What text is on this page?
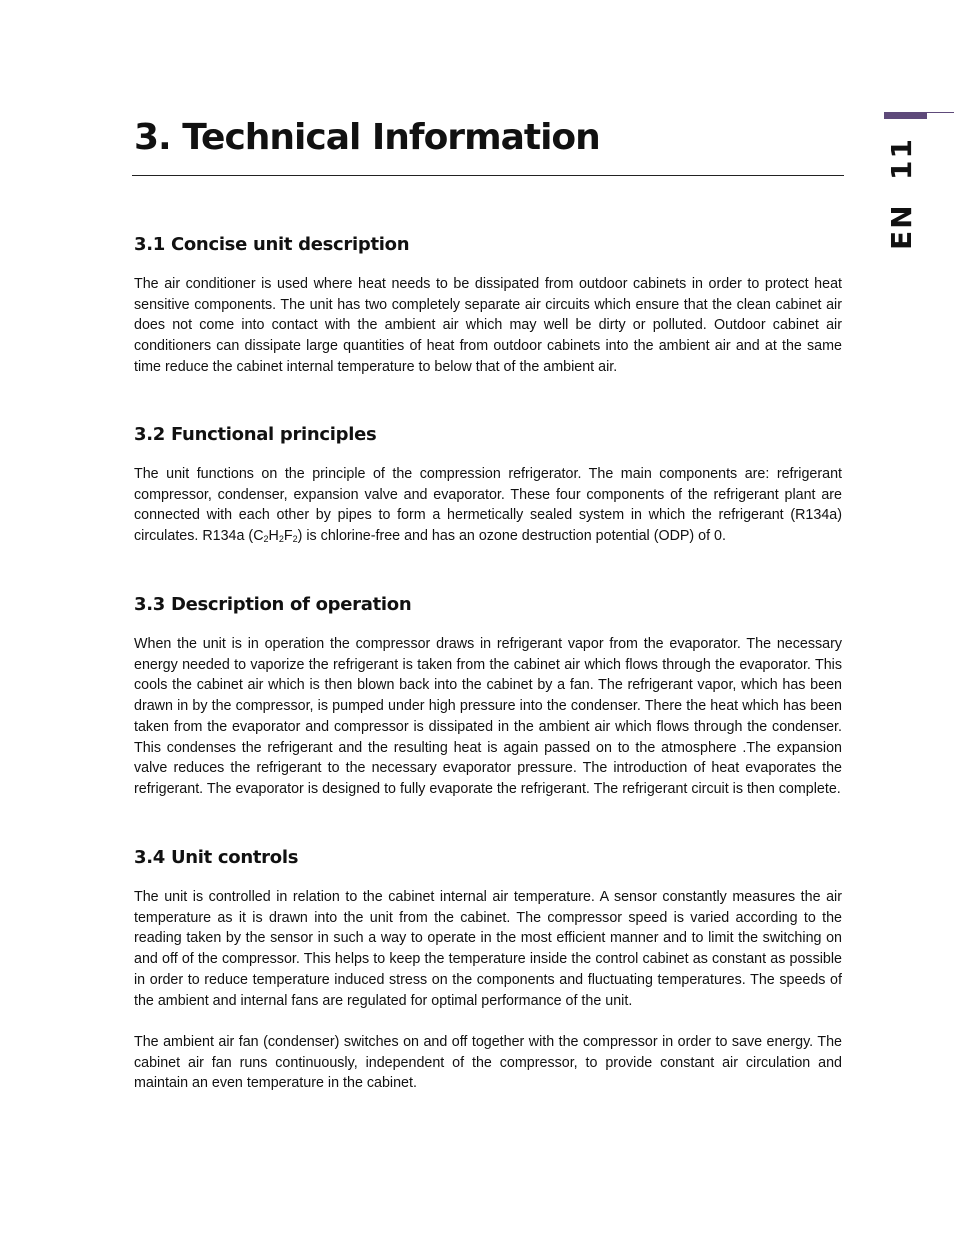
3. Technical Information
EN  11
3.1 Concise unit description

The air conditioner is used where heat needs to be dissipated from outdoor cabinets in order to protect heat sensitive components. The unit has two completely separate air circuits which ensure that the clean cabinet air does not come into contact with the ambient air which may well be dirty or polluted. Outdoor cabinet air conditioners can dissipate large quantities of heat from outdoor cabinets into the ambient air and at the same time reduce the cabinet internal temperature to below that of the ambient air.

3.2 Functional principles

The unit functions on the principle of the compression refrigerator. The main components are: refrigerant compressor, condenser, expansion valve and evaporator. These four components of the refrigerant plant are connected with each other by pipes to form a hermetically sealed system in which the refrigerant (R134a) circulates. R134a $(C_2H_2F_2)$ is chlorine-free and has an ozone destruction potential (ODP) of 0.

3.3 Description of operation

When the unit is in operation the compressor draws in refrigerant vapor from the evaporator. The necessary energy needed to vaporize the refrigerant is taken from the cabinet air which flows through the evaporator. This cools the cabinet air which is then blown back into the cabinet by a fan. The refrigerant vapor, which has been drawn in by the compressor, is pumped under high pressure into the condenser. There the heat which has been taken from the evaporator and compressor is dissipated in the ambient air which flows through the condenser. This condenses the refrigerant and the resulting heat is again passed on to the atmosphere .The expansion valve reduces the refrigerant to the necessary evaporator pressure. The introduction of heat evaporates the refrigerant. The evaporator is designed to fully evaporate the refrigerant. The refrigerant circuit is then complete.

3.4 Unit controls

The unit is controlled in relation to the cabinet internal air temperature. A sensor constantly measures the air temperature as it is drawn into the unit from the cabinet. The compressor speed is varied according to the reading taken by the sensor in such a way to operate in the most efficient manner and to limit the switching on and off of the compressor. This helps to keep the temperature inside the control cabinet as constant as possible in order to reduce temperature induced stress on the components and fluctuating temperatures. The speeds of the ambient and internal fans are regulated for optimal performance of the unit.

The ambient air fan (condenser) switches on and off together with the compressor in order to save energy. The cabinet air fan runs continuously, independent of the compressor, to provide constant air circulation and maintain an even temperature in the cabinet.
